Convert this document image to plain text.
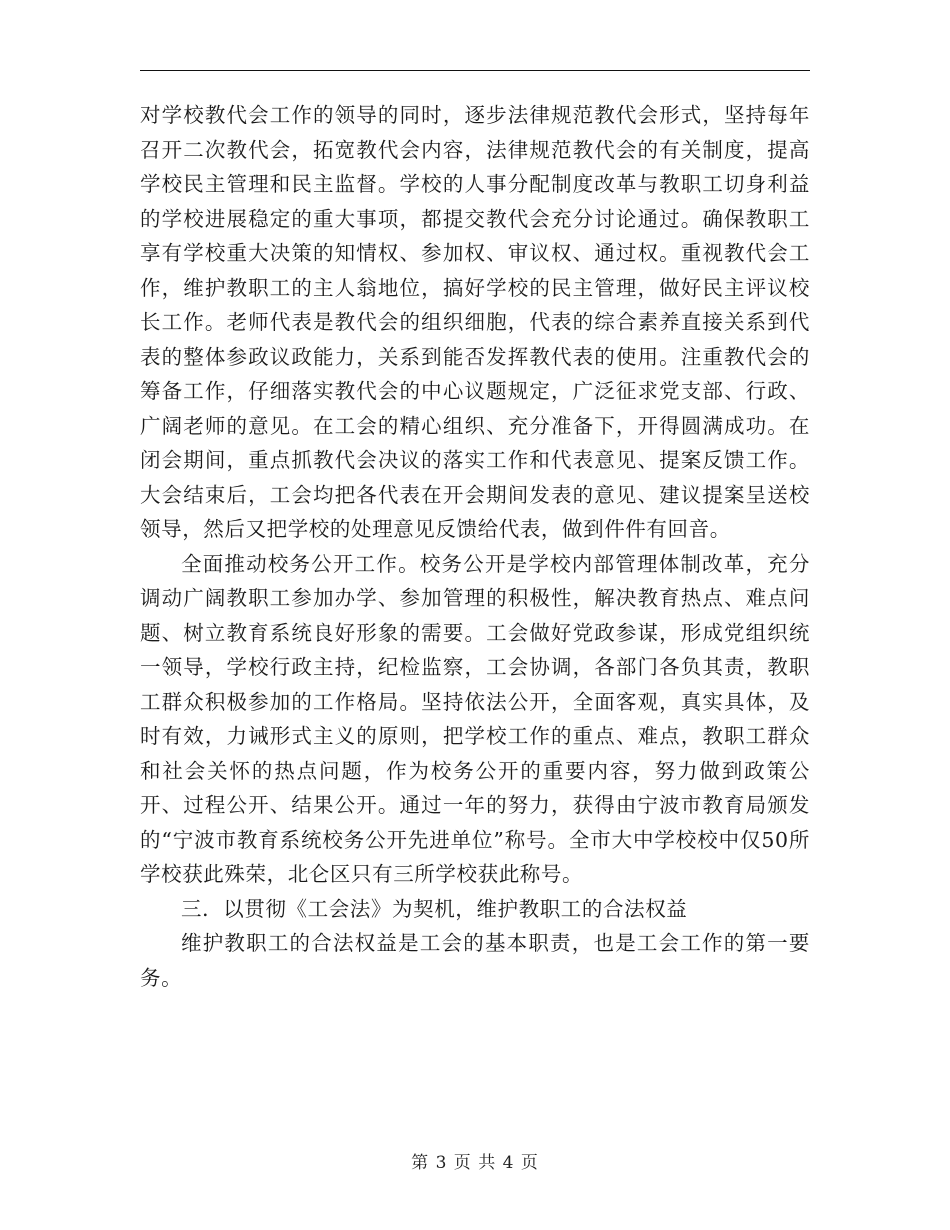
对学校教代会工作的领导的同时，逐步法律规范教代会形式，坚持每年召开二次教代会，拓宽教代会内容，法律规范教代会的有关制度，提高学校民主管理和民主监督。学校的人事分配制度改革与教职工切身利益的学校进展稳定的重大事项，都提交教代会充分讨论通过。确保教职工享有学校重大决策的知情权、参加权、审议权、通过权。重视教代会工作，维护教职工的主人翁地位，搞好学校的民主管理，做好民主评议校长工作。老师代表是教代会的组织细胞，代表的综合素养直接关系到代表的整体参政议政能力，关系到能否发挥教代表的使用。注重教代会的筹备工作，仔细落实教代会的中心议题规定，广泛征求党支部、行政、广阔老师的意见。在工会的精心组织、充分准备下，开得圆满成功。在闭会期间，重点抓教代会决议的落实工作和代表意见、提案反馈工作。大会结束后，工会均把各代表在开会期间发表的意见、建议提案呈送校领导，然后又把学校的处理意见反馈给代表，做到件件有回音。

全面推动校务公开工作。校务公开是学校内部管理体制改革，充分调动广阔教职工参加办学、参加管理的积极性，解决教育热点、难点问题、树立教育系统良好形象的需要。工会做好党政参谋，形成党组织统一领导，学校行政主持，纪检监察，工会协调，各部门各负其责，教职工群众积极参加的工作格局。坚持依法公开，全面客观，真实具体，及时有效，力诫形式主义的原则，把学校工作的重点、难点，教职工群众和社会关怀的热点问题，作为校务公开的重要内容，努力做到政策公开、过程公开、结果公开。通过一年的努力，获得由宁波市教育局颁发的“宁波市教育系统校务公开先进单位”称号。全市大中学校校中仅50所学校获此殊荣，北仑区只有三所学校获此称号。

三．以贯彻《工会法》为契机，维护教职工的合法权益

维护教职工的合法权益是工会的基本职责，也是工会工作的第一要务。

第 3 页 共 4 页
